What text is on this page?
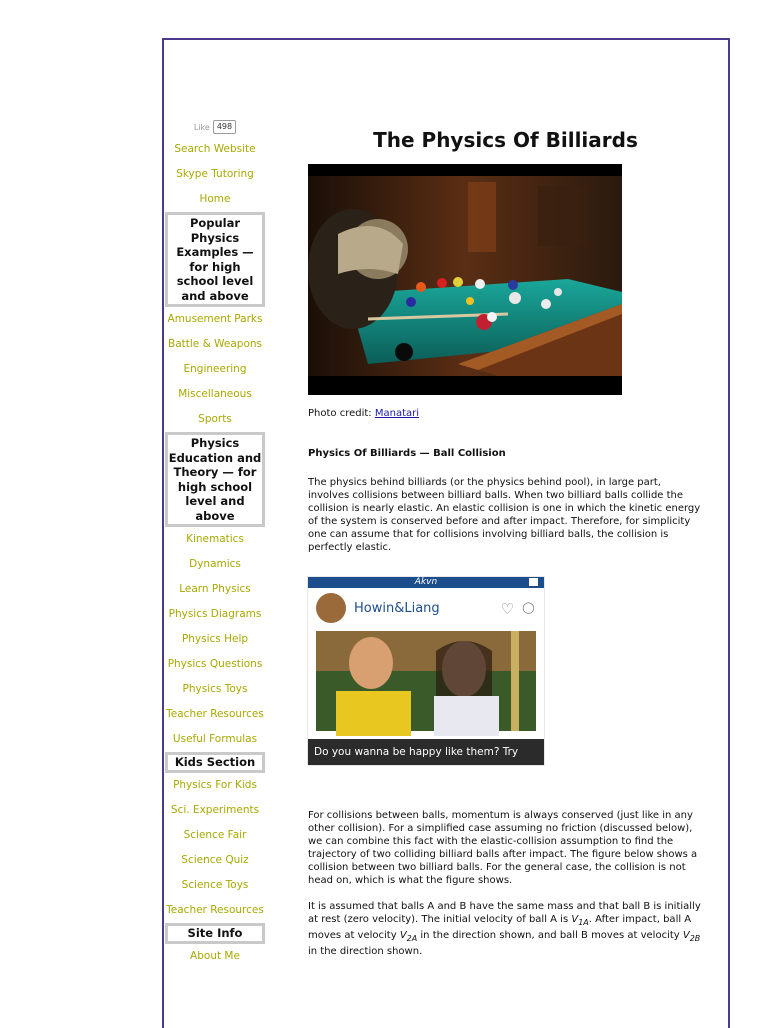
Like 498
Search Website
Skype Tutoring
Home
Popular Physics Examples — for high school level and above
Amusement Parks
Battle & Weapons
Engineering
Miscellaneous
Sports
Physics Education and Theory — for high school level and above
Kinematics
Dynamics
Learn Physics
Physics Diagrams
Physics Help
Physics Questions
Physics Toys
Teacher Resources
Useful Formulas
Kids Section
Physics For Kids
Sci. Experiments
Science Fair
Science Quiz
Science Toys
Teacher Resources
Site Info
About Me
The Physics Of Billiards
Photo credit: Manatari
Physics Of Billiards — Ball Collision

The physics behind billiards (or the physics behind pool), in large part, involves collisions between billiard balls. When two billiard balls collide the collision is nearly elastic. An elastic collision is one in which the kinetic energy of the system is conserved before and after impact. Therefore, for simplicity one can assume that for collisions involving billiard balls, the collision is perfectly elastic.

Akvn
Howin&Liang	♡ ○
Do you wanna be happy like them? Try now!

For collisions between balls, momentum is always conserved (just like in any other collision). For a simplified case assuming no friction (discussed below), we can combine this fact with the elastic-collision assumption to find the trajectory of two colliding billiard balls after impact. The figure below shows a collision between two billiard balls. For the general case, the collision is not head on, which is what the figure shows.

It is assumed that balls A and B have the same mass and that ball B is initially at rest (zero velocity). The initial velocity of ball A is $V_{1A}$. After impact, ball A moves at velocity $V_{2A}$ in the direction shown, and ball B moves at velocity $V_{2B}$ in the direction shown.
